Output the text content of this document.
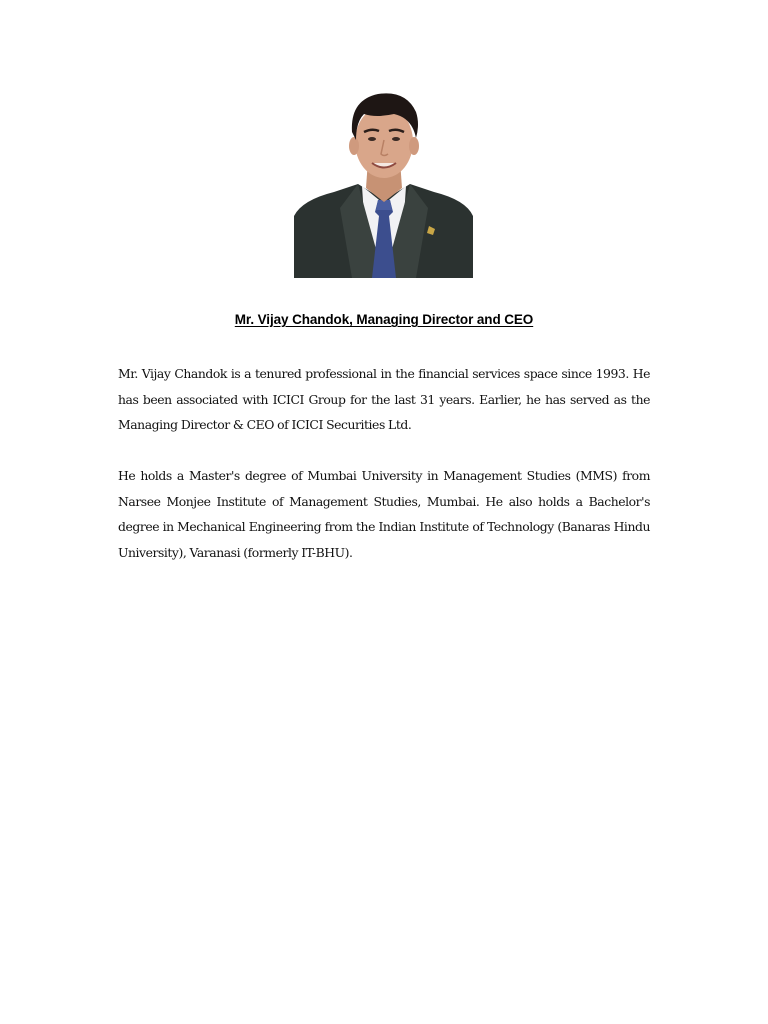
Mr. Vijay Chandok, Managing Director and CEO

Mr. Vijay Chandok is a tenured professional in the financial services space since 1993. He has been associated with ICICI Group for the last 31 years. Earlier, he has served as the Managing Director & CEO of ICICI Securities Ltd.

He holds a Master's degree of Mumbai University in Management Studies (MMS) from Narsee Monjee Institute of Management Studies, Mumbai. He also holds a Bachelor's degree in Mechanical Engineering from the Indian Institute of Technology (Banaras Hindu University), Varanasi (formerly IT-BHU).
